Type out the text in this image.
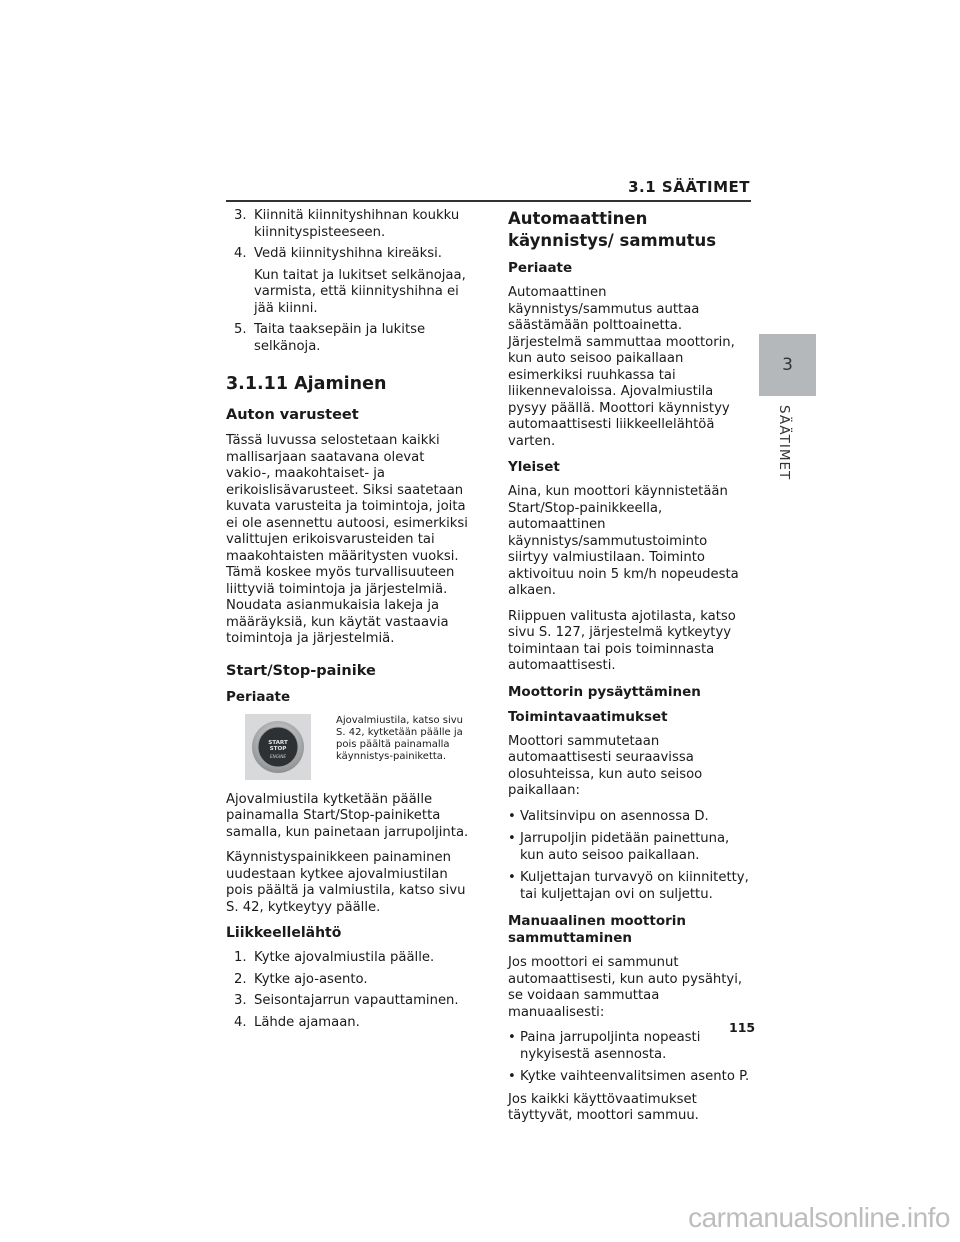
3.1 SÄÄTIMET
3
SÄÄTIMET
3. Kiinnitä kiinnityshihnan koukku kiinnityspisteeseen.
4. Vedä kiinnityshihna kireäksi.
Kun taitat ja lukitset selkänojaa, varmista, että kiinnityshihna ei jää kiinni.
5. Taita taaksepäin ja lukitse selkänoja.
3.1.11 Ajaminen
Auton varusteet

Tässä luvussa selostetaan kaikki mallisarjaan saatavana olevat vakio-, maakohtaiset- ja erikoislisävarusteet. Siksi saatetaan kuvata varusteita ja toimintoja, joita ei ole asennettu autoosi, esimerkiksi valittujen erikoisvarusteiden tai maakohtaisten määritysten vuoksi. Tämä koskee myös turvallisuuteen liittyviä toimintoja ja järjestelmiä. Noudata asianmukaisia lakeja ja määräyksiä, kun käytät vastaavia toimintoja ja järjestelmiä.

Start/Stop-painike
Periaate
START
STOP
ENGINE
Ajovalmiustila, katso sivu S. 42, kytketään päälle ja pois päältä painamalla käynnistys-painiketta.

Ajovalmiustila kytketään päälle painamalla Start/Stop-painiketta samalla, kun painetaan jarrupoljinta.

Käynnistyspainikkeen painaminen uudestaan kytkee ajovalmiustilan pois päältä ja valmiustila, katso sivu S. 42, kytkeytyy päälle.

Liikkeellelähtö
1. Kytke ajovalmiustila päälle.
2. Kytke ajo-asento.
3. Seisontajarrun vapauttaminen.
4. Lähde ajamaan.
Automaattinen käynnistys/ sammutus
Periaate

Automaattinen käynnistys/sammutus auttaa säästämään polttoainetta. Järjestelmä sammuttaa moottorin, kun auto seisoo paikallaan esimerkiksi ruuhkassa tai liikennevaloissa. Ajovalmiustila pysyy päällä. Moottori käynnistyy automaattisesti liikkeellelähtöä varten.

Yleiset

Aina, kun moottori käynnistetään Start/Stop-painikkeella, automaattinen käynnistys/sammutustoiminto siirtyy valmiustilaan. Toiminto aktivoituu noin 5 km/h nopeudesta alkaen.

Riippuen valitusta ajotilasta, katso sivu S. 127, järjestelmä kytkeytyy toimintaan tai pois toiminnasta automaattisesti.

Moottorin pysäyttäminen
Toimintavaatimukset

Moottori sammutetaan automaattisesti seuraavissa olosuhteissa, kun auto seisoo paikallaan:

• Valitsinvipu on asennossa D.
• Jarrupoljin pidetään painettuna, kun auto seisoo paikallaan.
• Kuljettajan turvavyö on kiinnitetty, tai kuljettajan ovi on suljettu.
Manuaalinen moottorin sammuttaminen

Jos moottori ei sammunut automaattisesti, kun auto pysähtyi, se voidaan sammuttaa manuaalisesti:

• Paina jarrupoljinta nopeasti nykyisestä asennosta.
• Kytke vaihteenvalitsimen asento P.

Jos kaikki käyttövaatimukset täyttyvät, moottori sammuu.

115
carmanualsonline.info
